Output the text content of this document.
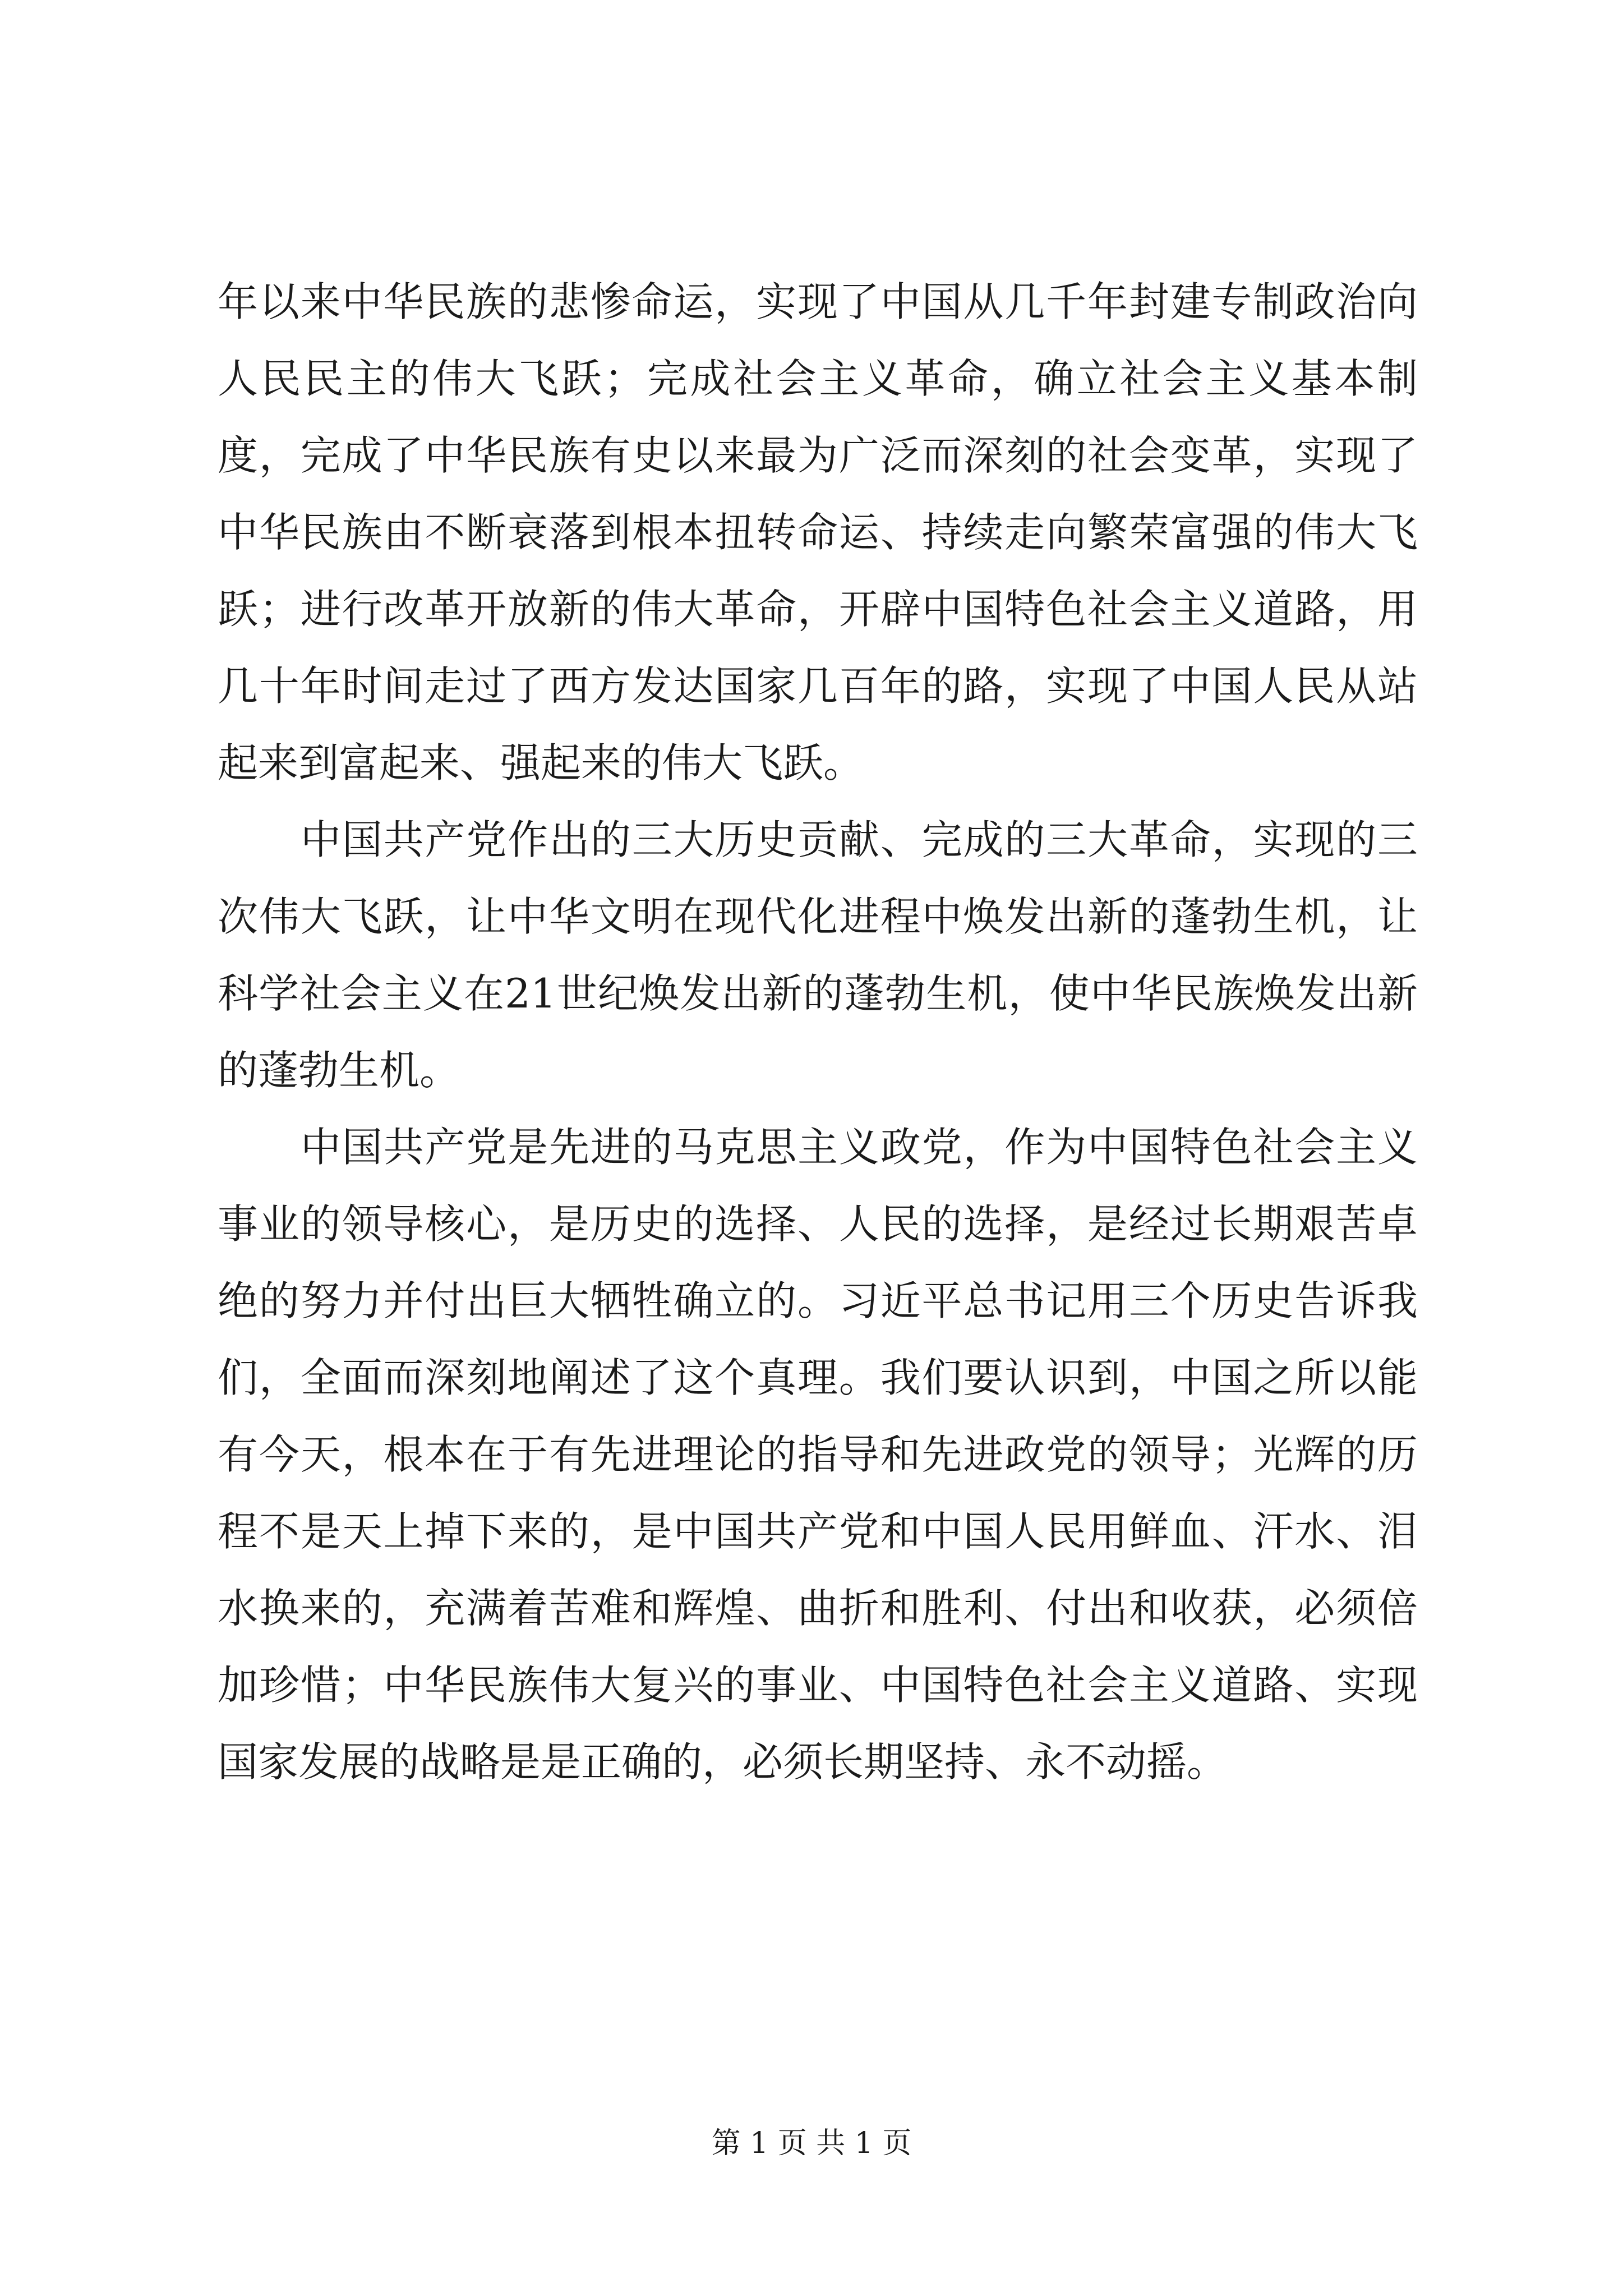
年以来中华民族的悲惨命运，实现了中国从几千年封建专制政治向人民民主的伟大飞跃；完成社会主义革命，确立社会主义基本制度，完成了中华民族有史以来最为广泛而深刻的社会变革，实现了中华民族由不断衰落到根本扭转命运、持续走向繁荣富强的伟大飞跃；进行改革开放新的伟大革命，开辟中国特色社会主义道路，用几十年时间走过了西方发达国家几百年的路，实现了中国人民从站起来到富起来、强起来的伟大飞跃。

中国共产党作出的三大历史贡献、完成的三大革命，实现的三次伟大飞跃，让中华文明在现代化进程中焕发出新的蓬勃生机，让科学社会主义在21世纪焕发出新的蓬勃生机，使中华民族焕发出新的蓬勃生机。

中国共产党是先进的马克思主义政党，作为中国特色社会主义事业的领导核心，是历史的选择、人民的选择，是经过长期艰苦卓绝的努力并付出巨大牺牲确立的。习近平总书记用三个历史告诉我们，全面而深刻地阐述了这个真理。我们要认识到，中国之所以能有今天，根本在于有先进理论的指导和先进政党的领导；光辉的历程不是天上掉下来的，是中国共产党和中国人民用鲜血、汗水、泪水换来的，充满着苦难和辉煌、曲折和胜利、付出和收获，必须倍加珍惜；中华民族伟大复兴的事业、中国特色社会主义道路、实现国家发展的战略是是正确的，必须长期坚持、永不动摇。

第 1 页 共 1 页
